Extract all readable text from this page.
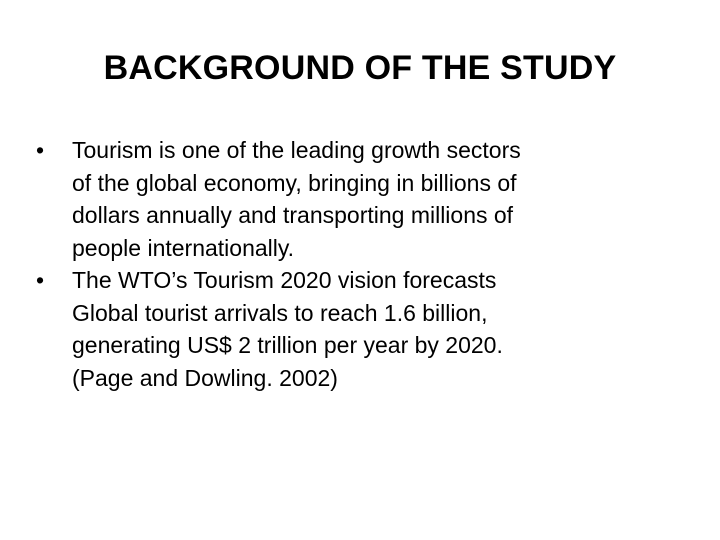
BACKGROUND OF THE STUDY
•	Tourism is one of the leading growth sectors
of the global economy, bringing in billions of
dollars annually and transporting millions of
people internationally.
•	The WTO’s Tourism 2020 vision forecasts
Global tourist arrivals to reach 1.6 billion,
generating US$ 2 trillion per year by 2020.
(Page and Dowling. 2002)
